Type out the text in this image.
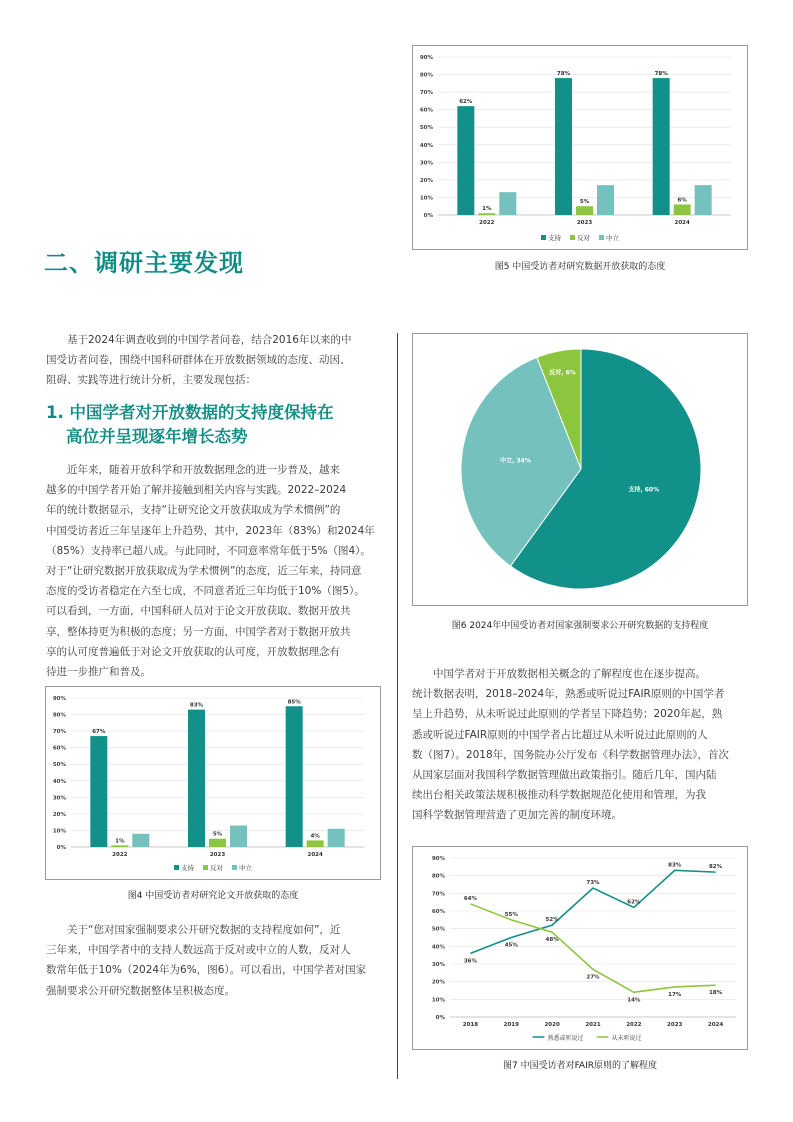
二、调研主要发现
基于2024年调查收到的中国学者问卷，结合2016年以来的中
国受访者问卷，围绕中国科研群体在开放数据领域的态度、动因、
阻碍、实践等进行统计分析，主要发现包括：
1. 中国学者对开放数据的支持度保持在
高位并呈现逐年增长态势
近年来，随着开放科学和开放数据理念的进一步普及，越来
越多的中国学者开始了解并接触到相关内容与实践。2022–2024
年的统计数据显示，支持“让研究论文开放获取成为学术惯例”的
中国受访者近三年呈逐年上升趋势，其中，2023年（83%）和2024年
（85%）支持率已超八成。与此同时，不同意率常年低于5%（图4）。
对于“让研究数据开放获取成为学术惯例”的态度，近三年来，持同意
态度的受访者稳定在六至七成，不同意者近三年均低于10%（图5）。
可以看到，一方面，中国科研人员对于论文开放获取、数据开放共
享，整体持更为积极的态度；另一方面，中国学者对于数据开放共
享的认可度普遍低于对论文开放获取的认可度，开放数据理念有
待进一步推广和普及。
0%
10%
20%
30%
40%
50%
60%
70%
80%
90%
67%
1%
2022
83%
5%
2023
85%
4%
2024
支持 反对 中立
图4 中国受访者对研究论文开放获取的态度
关于“您对国家强制要求公开研究数据的支持程度如何”，近
三年来，中国学者中的支持人数远高于反对或中立的人数，反对人
数常年低于10%（2024年为6%，图6）。可以看出，中国学者对国家
强制要求公开研究数据整体呈积极态度。
0%
10%
20%
30%
40%
50%
60%
70%
80%
90%
62%
1%
2022
78%
5%
2023
78%
6%
2024
支持 反对 中立
图5 中国受访者对研究数据开放获取的态度
支持, 60%
中立, 34%
反对, 6%
图6 2024年中国受访者对国家强制要求公开研究数据的支持程度
中国学者对于开放数据相关概念的了解程度也在逐步提高。
统计数据表明，2018–2024年，熟悉或听说过FAIR原则的中国学者
呈上升趋势，从未听说过此原则的学者呈下降趋势；2020年起，熟
悉或听说过FAIR原则的中国学者占比超过从未听说过此原则的人
数（图7）。2018年，国务院办公厅发布《科学数据管理办法》，首次
从国家层面对我国科学数据管理做出政策指引。随后几年，国内陆
续出台相关政策法规积极推动科学数据规范化使用和管理，为我
国科学数据管理营造了更加完善的制度环境。
0%
10%
20%
30%
40%
50%
60%
70%
80%
90%
2018	2019	2020	2021	2022	2023	2024
36%
45%
52%
73%
62%
83%	82%
64%
55%
48%
27%
14%
17%	18%
熟悉或听说过	从未听说过
图7 中国受访者对FAIR原则的了解程度
